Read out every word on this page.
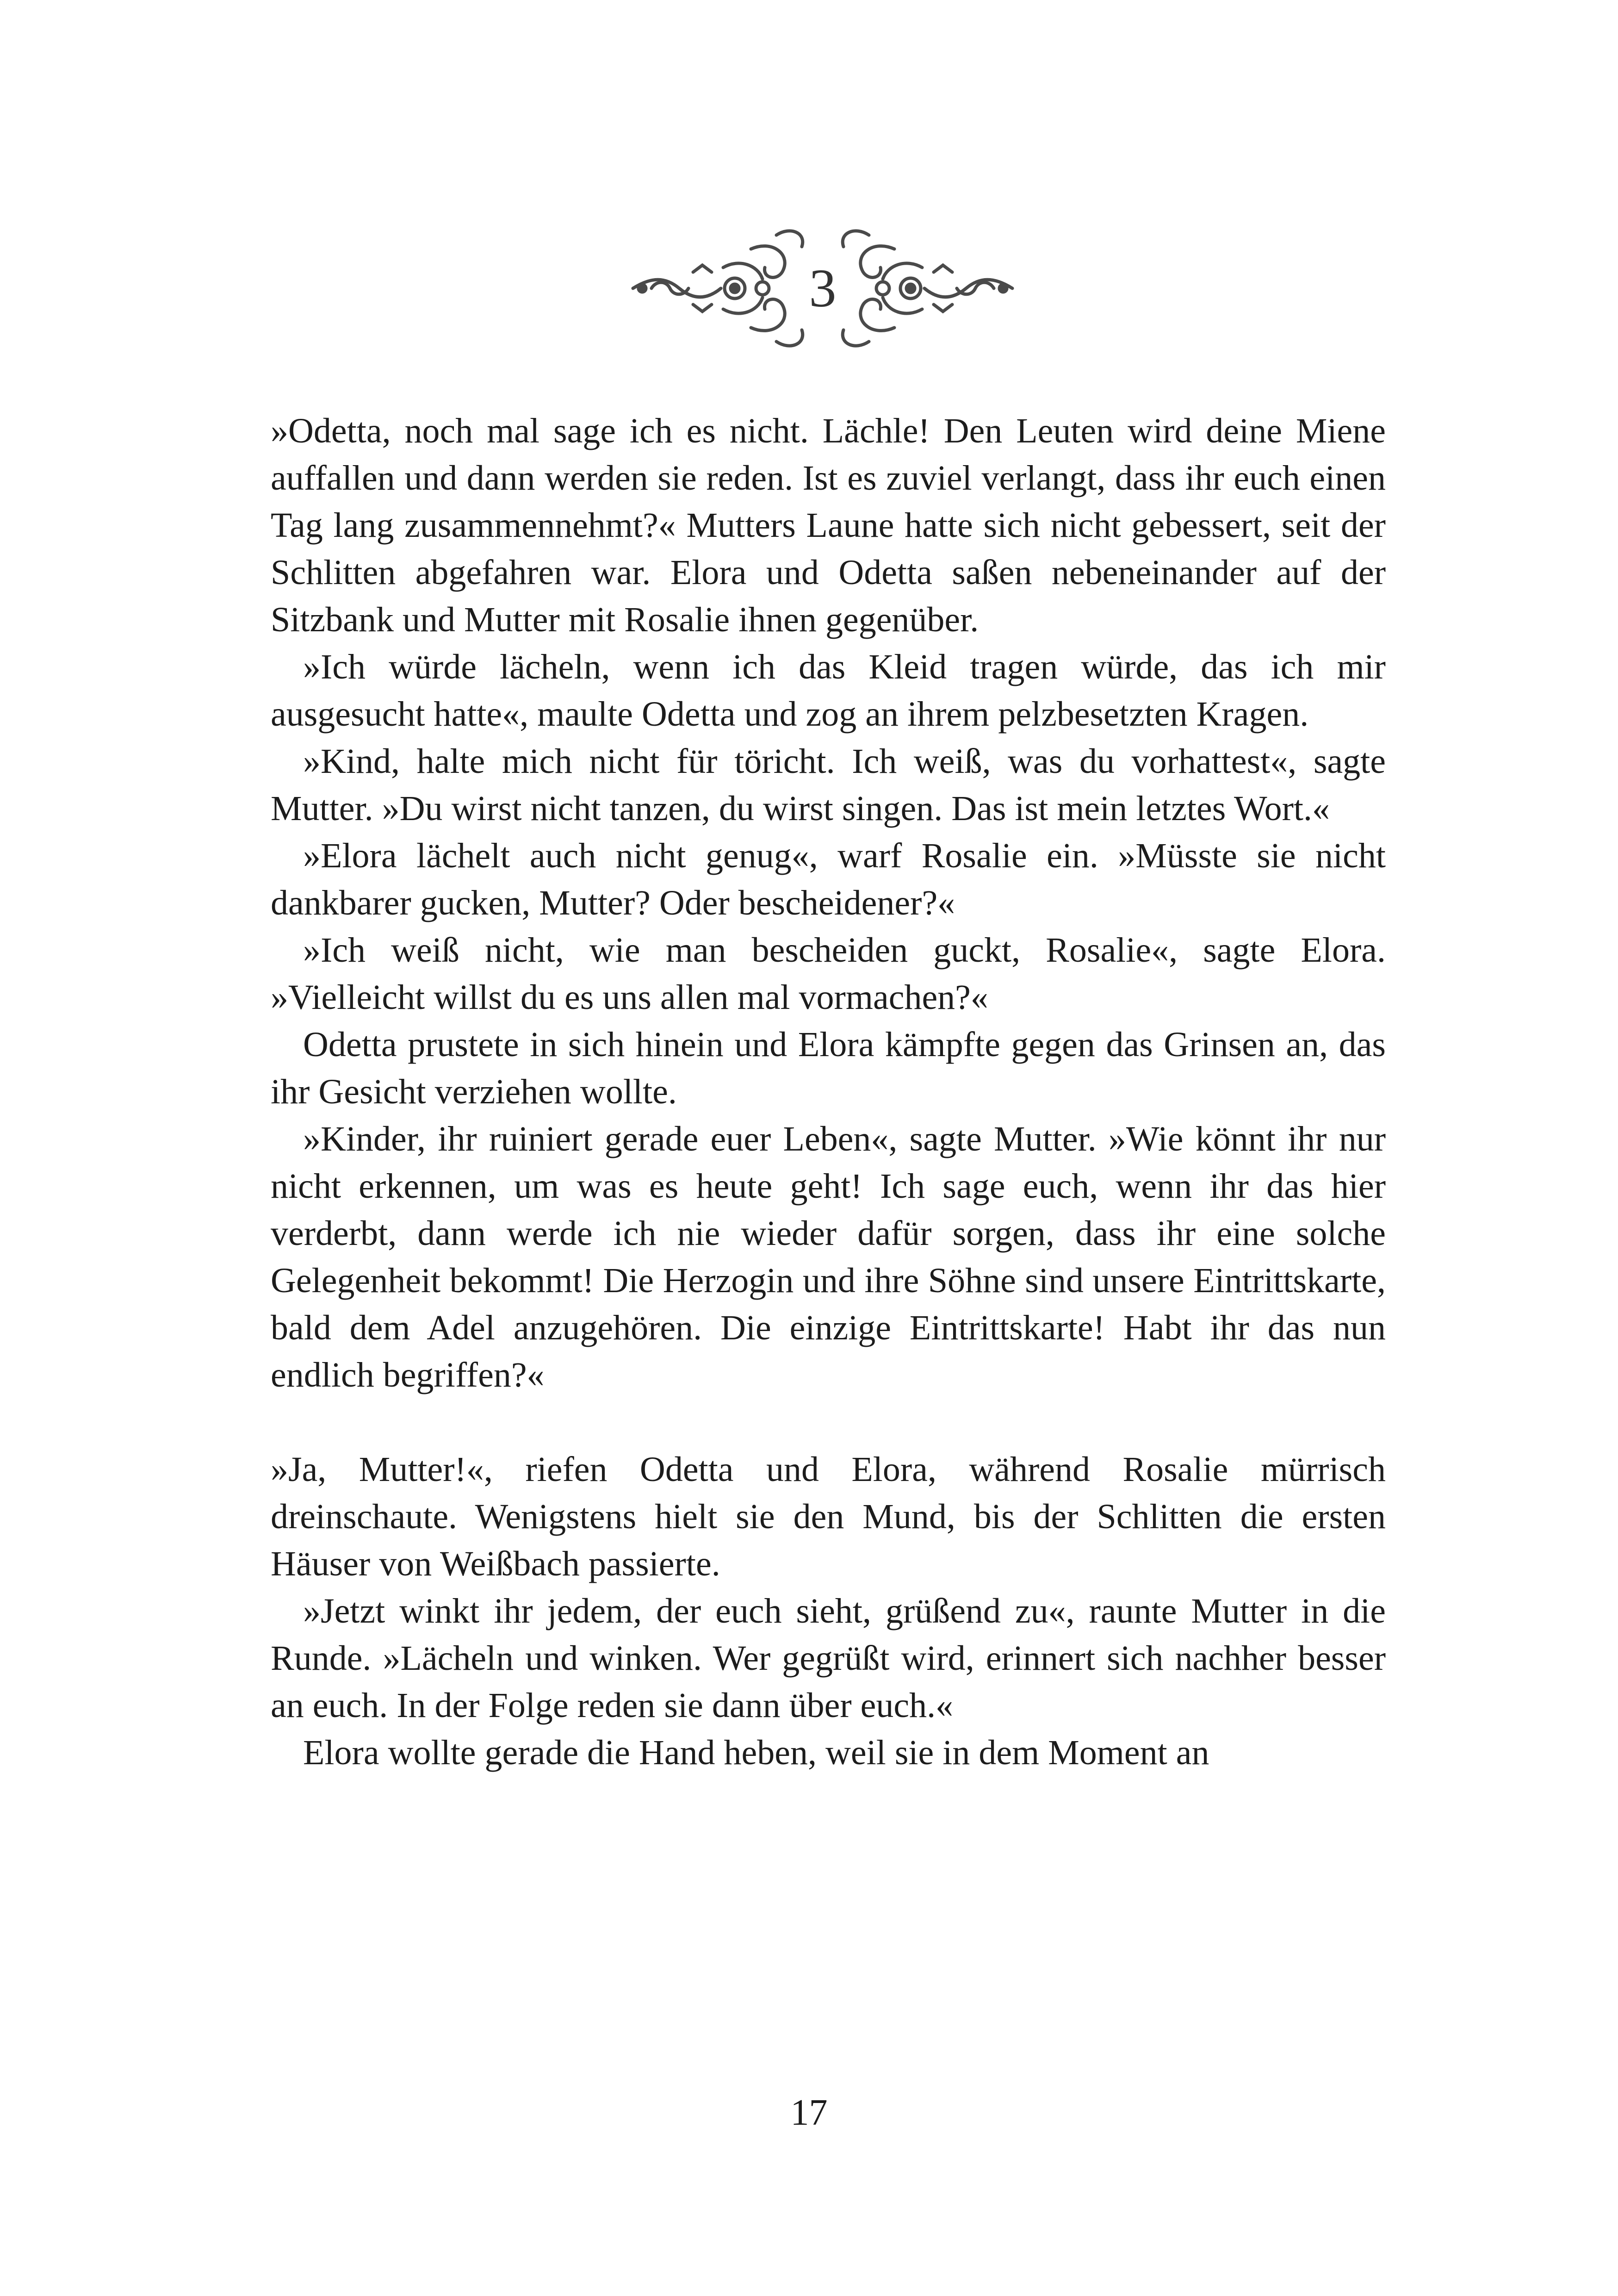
3

»Odetta, noch mal sage ich es nicht. Lächle! Den Leuten wird deine Miene auffallen und dann werden sie reden. Ist es zuviel verlangt, dass ihr euch einen Tag lang zusammennehmt?« Mutters Laune hatte sich nicht gebessert, seit der Schlitten abgefahren war. Elora und Odetta saßen nebeneinander auf der Sitzbank und Mutter mit Rosalie ihnen gegenüber.

»Ich würde lächeln, wenn ich das Kleid tragen würde, das ich mir ausgesucht hatte«, maulte Odetta und zog an ihrem pelzbesetzten Kragen.

»Kind, halte mich nicht für töricht. Ich weiß, was du vorhattest«, sagte Mutter. »Du wirst nicht tanzen, du wirst singen. Das ist mein letztes Wort.«

»Elora lächelt auch nicht genug«, warf Rosalie ein. »Müsste sie nicht dankbarer gucken, Mutter? Oder bescheidener?«

»Ich weiß nicht, wie man bescheiden guckt, Rosalie«, sagte Elora. »Vielleicht willst du es uns allen mal vormachen?«

Odetta prustete in sich hinein und Elora kämpfte gegen das Grinsen an, das ihr Gesicht verziehen wollte.

»Kinder, ihr ruiniert gerade euer Leben«, sagte Mutter. »Wie könnt ihr nur nicht erkennen, um was es heute geht! Ich sage euch, wenn ihr das hier verderbt, dann werde ich nie wieder dafür sorgen, dass ihr eine solche Gelegenheit bekommt! Die Herzogin und ihre Söhne sind unsere Eintrittskarte, bald dem Adel anzugehören. Die einzige Eintrittskarte! Habt ihr das nun endlich begriffen?«

»Ja, Mutter!«, riefen Odetta und Elora, während Rosalie mürrisch dreinschaute. Wenigstens hielt sie den Mund, bis der Schlitten die ersten Häuser von Weißbach passierte.

»Jetzt winkt ihr jedem, der euch sieht, grüßend zu«, raunte Mutter in die Runde. »Lächeln und winken. Wer gegrüßt wird, erinnert sich nachher besser an euch. In der Folge reden sie dann über euch.«

Elora wollte gerade die Hand heben, weil sie in dem Moment an

17
